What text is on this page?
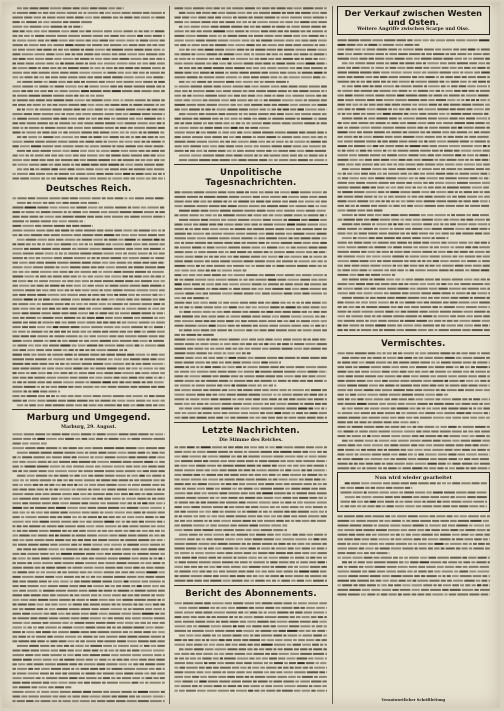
Deutsches Reich.
Marburg und Umgegend.
Marburg, 29. August.
Unpolitische Tagesnachrichten.
Letzte Nachrichten.
Die Stimme des Reiches.
Bericht des Abonnements.
Der Verkauf zwischen Westen und Osten.
Weitere Angriffe zwischen Scarpe und Oise.
Vermischtes.
Nun wird wieder gearbeitet
Verantwortlicher Schriftleitung
